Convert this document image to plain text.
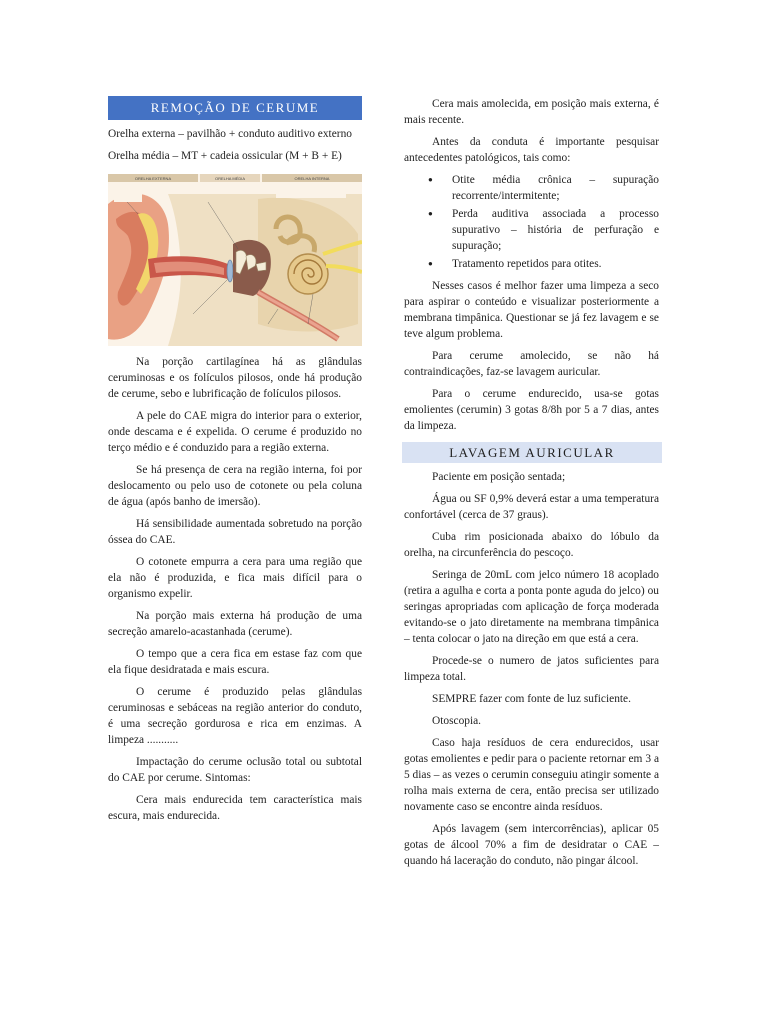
REMOÇÃO DE CERUME

Orelha externa – pavilhão + conduto auditivo externo

Orelha média – MT + cadeia ossicular (M + B + E)

ORELHA EXTERNA	ORELHA MÉDIA	ORELHA INTERNA

Na porção cartilagínea há as glândulas ceruminosas e os folículos pilosos, onde há produção de cerume, sebo e lubrificação de folículos pilosos.

A pele do CAE migra do interior para o exterior, onde descama e é expelida. O cerume é produzido no terço médio e é conduzido para a região externa.

Se há presença de cera na região interna, foi por deslocamento ou pelo uso de cotonete ou pela coluna de água (após banho de imersão).

Há sensibilidade aumentada sobretudo na porção óssea do CAE.

O cotonete empurra a cera para uma região que ela não é produzida, e fica mais difícil para o organismo expelir.

Na porção mais externa há produção de uma secreção amarelo-acastanhada (cerume).

O tempo que a cera fica em estase faz com que ela fique desidratada e mais escura.

O cerume é produzido pelas glândulas ceruminosas e sebáceas na região anterior do conduto, é uma secreção gordurosa e rica em enzimas. A limpeza ...........

Impactação do cerume oclusão total ou subtotal do CAE por cerume. Sintomas:

Cera mais endurecida tem característica mais escura, mais endurecida.

Cera mais amolecida, em posição mais externa, é mais recente.

Antes da conduta é importante pesquisar antecedentes patológicos, tais como:

● Otite média crônica – supuração recorrente/intermitente;
● Perda auditiva associada a processo supurativo – história de perfuração e supuração;
● Tratamento repetidos para otites.

Nesses casos é melhor fazer uma limpeza a seco para aspirar o conteúdo e visualizar posteriormente a membrana timpânica. Questionar se já fez lavagem e se teve algum problema.

Para cerume amolecido, se não há contraindicações, faz-se lavagem auricular.

Para o cerume endurecido, usa-se gotas emolientes (cerumin) 3 gotas 8/8h por 5 a 7 dias, antes da limpeza.

LAVAGEM AURICULAR

Paciente em posição sentada;

Água ou SF 0,9% deverá estar a uma temperatura confortável (cerca de 37 graus).

Cuba rim posicionada abaixo do lóbulo da orelha, na circunferência do pescoço.

Seringa de 20mL com jelco número 18 acoplado (retira a agulha e corta a ponta ponte aguda do jelco) ou seringas apropriadas com aplicação de força moderada evitando-se o jato diretamente na membrana timpânica – tenta colocar o jato na direção em que está a cera.

Procede-se o numero de jatos suficientes para limpeza total.

SEMPRE fazer com fonte de luz suficiente.

Otoscopia.

Caso haja resíduos de cera endurecidos, usar gotas emolientes e pedir para o paciente retornar em 3 a 5 dias – as vezes o cerumin conseguiu atingir somente a rolha mais externa de cera, então precisa ser utilizado novamente caso se encontre ainda resíduos.

Após lavagem (sem intercorrências), aplicar 05 gotas de álcool 70% a fim de desidratar o CAE – quando há laceração do conduto, não pingar álcool.
